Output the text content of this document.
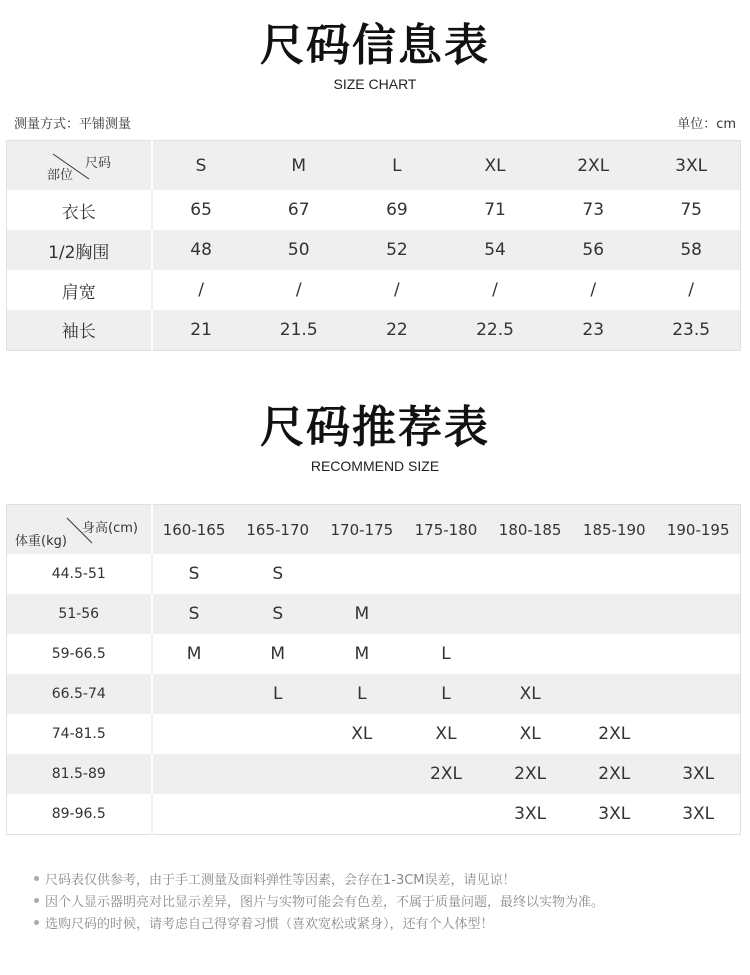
尺码信息表
SIZE CHART
测量方式：平铺测量	单位：cm
尺码
部位	S	M	L	XL	2XL	3XL
衣长	65	67	69	71	73	75
1/2胸围	48	50	52	54	56	58
肩宽	/	/	/	/	/	/
袖长	21	21.5	22	22.5	23	23.5
尺码推荐表
RECOMMEND SIZE
身高(cm)
体重(kg)	160-165	165-170	170-175	175-180	180-185	185-190	190-195
44.5-51	S	S					
51-56	S	S	M				
59-66.5	M	M	M	L			
66.5-74		L	L	L	XL		
74-81.5			XL	XL	XL	2XL	
81.5-89				2XL	2XL	2XL	3XL
89-96.5					3XL	3XL	3XL
尺码表仅供参考，由于手工测量及面料弹性等因素，会存在1-3CM误差，请见谅！
因个人显示器明亮对比显示差异，图片与实物可能会有色差，不属于质量问题，最终以实物为准。
选购尺码的时候，请考虑自己得穿着习惯（喜欢宽松或紧身），还有个人体型！
